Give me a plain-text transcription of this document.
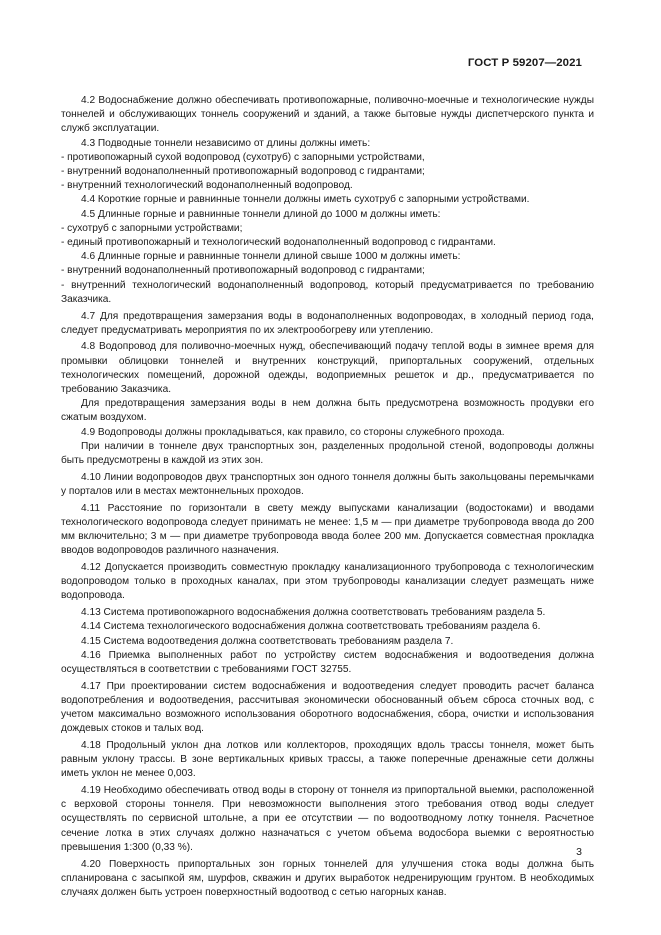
ГОСТ Р 59207—2021

4.2 Водоснабжение должно обеспечивать противопожарные, поливочно-моечные и технологические нужды тоннелей и обслуживающих тоннель сооружений и зданий, а также бытовые нужды диспетчерского пункта и служб эксплуатации.

4.3 Подводные тоннели независимо от длины должны иметь:

- противопожарный сухой водопровод (сухотруб) с запорными устройствами,

- внутренний водонаполненный противопожарный водопровод с гидрантами;

- внутренний технологический водонаполненный водопровод.

4.4 Короткие горные и равнинные тоннели должны иметь сухотруб с запорными устройствами.

4.5 Длинные горные и равнинные тоннели длиной до 1000 м должны иметь:

- сухотруб с запорными устройствами;

- единый противопожарный и технологический водонаполненный водопровод с гидрантами.

4.6 Длинные горные и равнинные тоннели длиной свыше 1000 м должны иметь:

- внутренний водонаполненный противопожарный водопровод с гидрантами;

- внутренний технологический водонаполненный водопровод, который предусматривается по требованию Заказчика.

4.7 Для предотвращения замерзания воды в водонаполненных водопроводах, в холодный период года, следует предусматривать мероприятия по их электрообогреву или утеплению.

4.8 Водопровод для поливочно-моечных нужд, обеспечивающий подачу теплой воды в зимнее время для промывки облицовки тоннелей и внутренних конструкций, припортальных сооружений, отдельных технологических помещений, дорожной одежды, водоприемных решеток и др., предусматривается по требованию Заказчика.

Для предотвращения замерзания воды в нем должна быть предусмотрена возможность продувки его сжатым воздухом.

4.9 Водопроводы должны прокладываться, как правило, со стороны служебного прохода.

При наличии в тоннеле двух транспортных зон, разделенных продольной стеной, водопроводы должны быть предусмотрены в каждой из этих зон.

4.10 Линии водопроводов двух транспортных зон одного тоннеля должны быть закольцованы перемычками у порталов или в местах межтоннельных проходов.

4.11 Расстояние по горизонтали в свету между выпусками канализации (водостоками) и вводами технологического водопровода следует принимать не менее: 1,5 м — при диаметре трубопровода ввода до 200 мм включительно; 3 м — при диаметре трубопровода ввода более 200 мм. Допускается совместная прокладка вводов водопроводов различного назначения.

4.12 Допускается производить совместную прокладку канализационного трубопровода с технологическим водопроводом только в проходных каналах, при этом трубопроводы канализации следует размещать ниже водопровода.

4.13 Система противопожарного водоснабжения должна соответствовать требованиям раздела 5.

4.14 Система технологического водоснабжения должна соответствовать требованиям раздела 6.

4.15 Система водоотведения должна соответствовать требованиям раздела 7.

4.16 Приемка выполненных работ по устройству систем водоснабжения и водоотведения должна осуществляться в соответствии с требованиями ГОСТ 32755.

4.17 При проектировании систем водоснабжения и водоотведения следует проводить расчет баланса водопотребления и водоотведения, рассчитывая экономически обоснованный объем сброса сточных вод, с учетом максимально возможного использования оборотного водоснабжения, сбора, очистки и использования дождевых стоков и талых вод.

4.18 Продольный уклон дна лотков или коллекторов, проходящих вдоль трассы тоннеля, может быть равным уклону трассы. В зоне вертикальных кривых трассы, а также поперечные дренажные сети должны иметь уклон не менее 0,003.

4.19 Необходимо обеспечивать отвод воды в сторону от тоннеля из припортальной выемки, расположенной с верховой стороны тоннеля. При невозможности выполнения этого требования отвод воды следует осуществлять по сервисной штольне, а при ее отсутствии — по водоотводному лотку тоннеля. Расчетное сечение лотка в этих случаях должно назначаться с учетом объема водосбора выемки с вероятностью превышения 1:300 (0,33 %).

4.20 Поверхность припортальных зон горных тоннелей для улучшения стока воды должна быть спланирована с засыпкой ям, шурфов, скважин и других выработок недренирующим грунтом. В необходимых случаях должен быть устроен поверхностный водоотвод с сетью нагорных канав.

3
